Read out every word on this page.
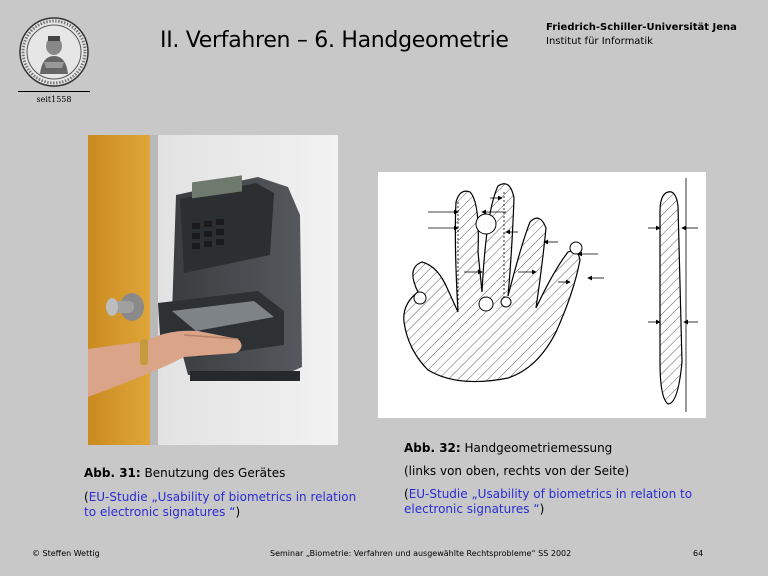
seit1558
II. Verfahren – 6. Handgeometrie
Friedrich-Schiller-Universität Jena
Institut für Informatik
Abb. 31: Benutzung des Gerätes
(EU-Studie „Usability of biometrics in relation
to electronic signatures “)
Abb. 32: Handgeometriemessung
(links von oben, rechts von der Seite)
(EU-Studie „Usability of biometrics in relation to
electronic signatures “)
© Steffen Wettig	Seminar „Biometrie: Verfahren und ausgewählte Rechtsprobleme“ SS 2002	64
